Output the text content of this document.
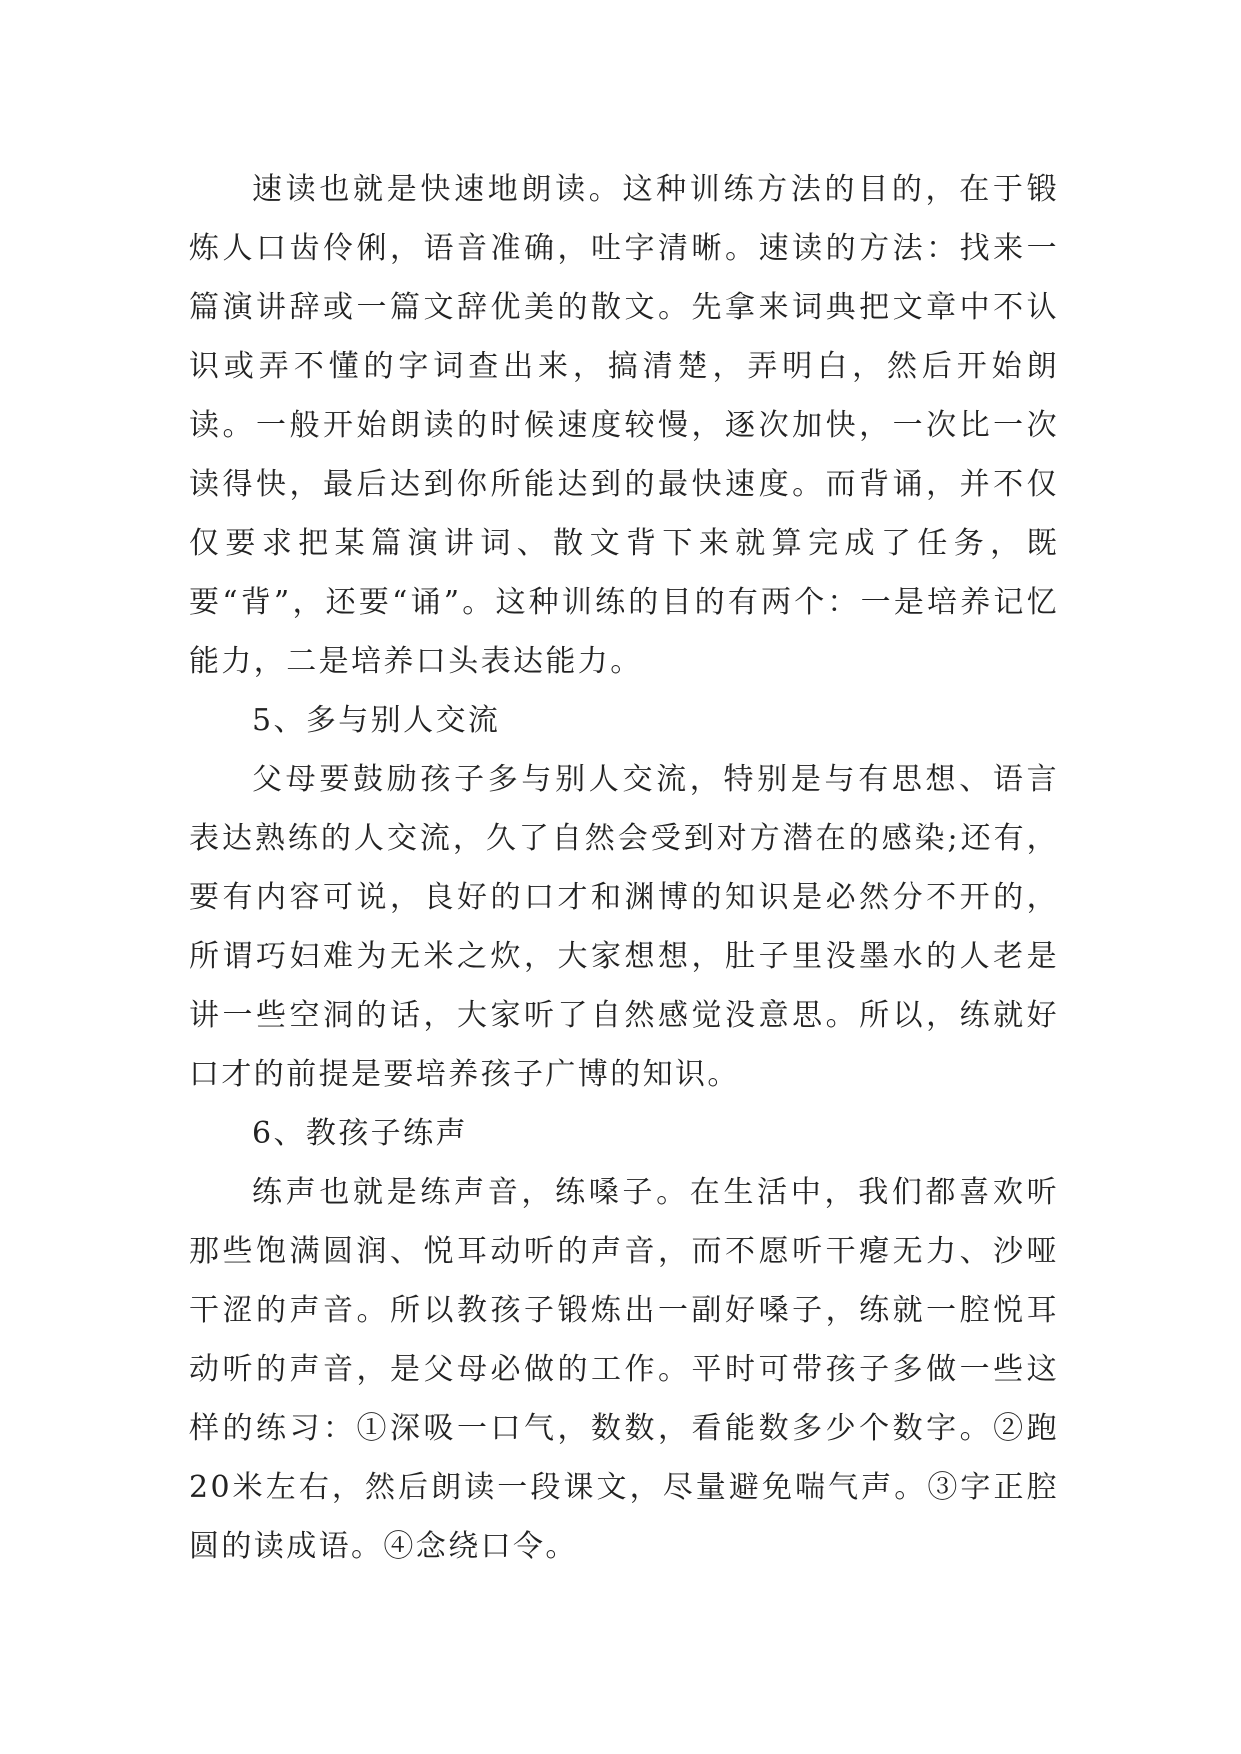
速读也就是快速地朗读。这种训练方法的目的，在于锻炼人口齿伶俐，语音准确，吐字清晰。速读的方法：找来一篇演讲辞或一篇文辞优美的散文。先拿来词典把文章中不认识或弄不懂的字词查出来，搞清楚，弄明白，然后开始朗读。一般开始朗读的时候速度较慢，逐次加快，一次比一次读得快，最后达到你所能达到的最快速度。而背诵，并不仅仅要求把某篇演讲词、散文背下来就算完成了任务，既要“背”，还要“诵”。这种训练的目的有两个：一是培养记忆能力，二是培养口头表达能力。

5、多与别人交流

父母要鼓励孩子多与别人交流，特别是与有思想、语言表达熟练的人交流，久了自然会受到对方潜在的感染;还有，要有内容可说，良好的口才和渊博的知识是必然分不开的，所谓巧妇难为无米之炊，大家想想，肚子里没墨水的人老是讲一些空洞的话，大家听了自然感觉没意思。所以，练就好口才的前提是要培养孩子广博的知识。

6、教孩子练声

练声也就是练声音，练嗓子。在生活中，我们都喜欢听那些饱满圆润、悦耳动听的声音，而不愿听干瘪无力、沙哑干涩的声音。所以教孩子锻炼出一副好嗓子，练就一腔悦耳动听的声音，是父母必做的工作。平时可带孩子多做一些这样的练习：①深吸一口气，数数，看能数多少个数字。②跑20米左右，然后朗读一段课文，尽量避免喘气声。③字正腔圆的读成语。④念绕口令。
